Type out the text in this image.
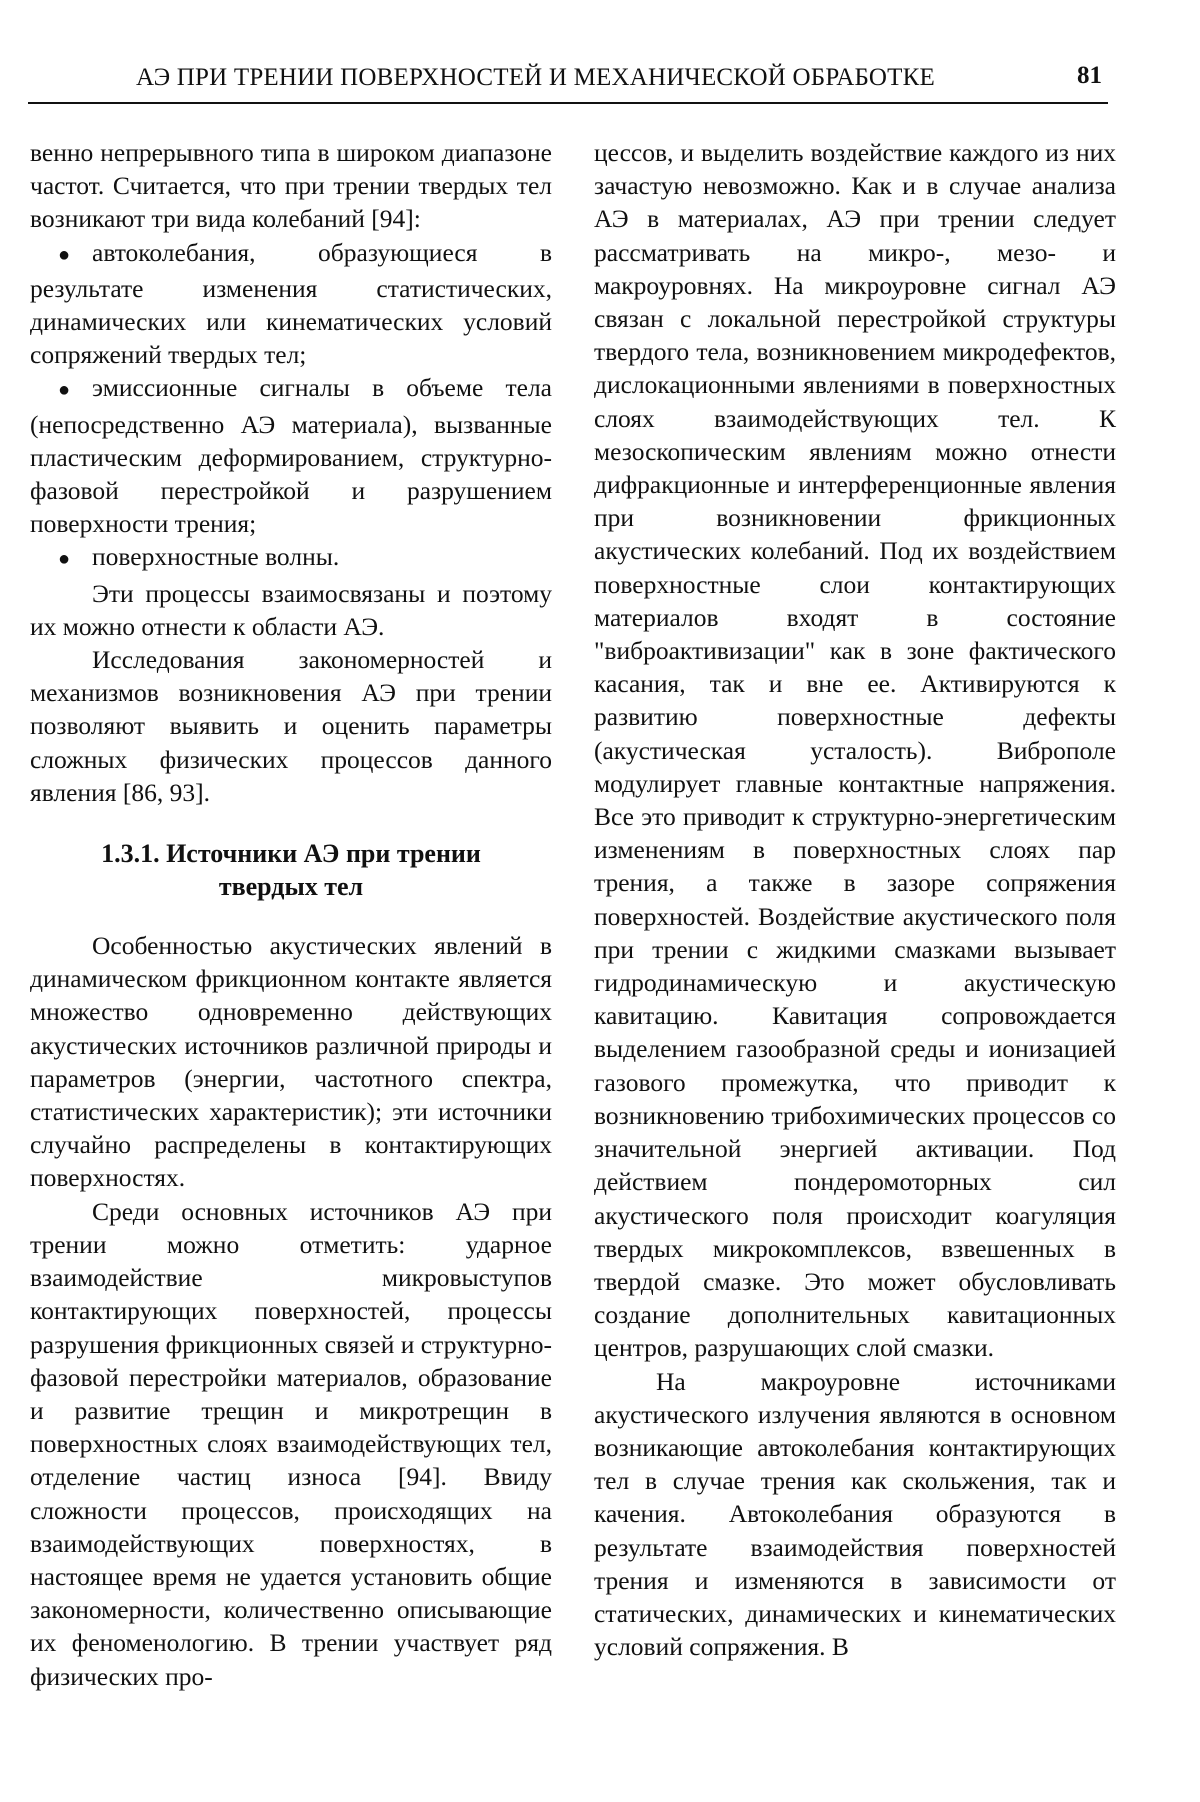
АЭ ПРИ ТРЕНИИ ПОВЕРХНОСТЕЙ И МЕХАНИЧЕСКОЙ ОБРАБОТКЕ	81

венно непрерывного типа в широком диапазоне частот. Считается, что при трении твердых тел возникают три вида колебаний [94]:

● автоколебания, образующиеся в результате изменения статистических, динамических или кинематических условий сопряжений твердых тел;

● эмиссионные сигналы в объеме тела (непосредственно АЭ материала), вызванные пластическим деформированием, структурно-фазовой перестройкой и разрушением поверхности трения;

● поверхностные волны.

Эти процессы взаимосвязаны и поэтому их можно отнести к области АЭ.

Исследования закономерностей и механизмов возникновения АЭ при трении позволяют выявить и оценить параметры сложных физических процессов данного явления [86, 93].

1.3.1. Источники АЭ при трении
твердых тел

Особенностью акустических явлений в динамическом фрикционном контакте является множество одновременно действующих акустических источников различной природы и параметров (энергии, частотного спектра, статистических характеристик); эти источники случайно распределены в контактирующих поверхностях.

Среди основных источников АЭ при трении можно отметить: ударное взаимодействие микровыступов контактирующих поверхностей, процессы разрушения фрикционных связей и структурно-фазовой перестройки материалов, образование и развитие трещин и микротрещин в поверхностных слоях взаимодействующих тел, отделение частиц износа [94]. Ввиду сложности процессов, происходящих на взаимодействующих поверхностях, в настоящее время не удается установить общие закономерности, количественно описывающие их феноменологию. В трении участвует ряд физических про-

цессов, и выделить воздействие каждого из них зачастую невозможно. Как и в случае анализа АЭ в материалах, АЭ при трении следует рассматривать на микро-, мезо- и макроуровнях. На микроуровне сигнал АЭ связан с локальной перестройкой структуры твердого тела, возникновением микродефектов, дислокационными явлениями в поверхностных слоях взаимодействующих тел. К мезоскопическим явлениям можно отнести дифракционные и интерференционные явления при возникновении фрикционных акустических колебаний. Под их воздействием поверхностные слои контактирующих материалов входят в состояние "виброактивизации" как в зоне фактического касания, так и вне ее. Активируются к развитию поверхностные дефекты (акустическая усталость). Виброполе модулирует главные контактные напряжения. Все это приводит к структурно-энергетическим изменениям в поверхностных слоях пар трения, а также в зазоре сопряжения поверхностей. Воздействие акустического поля при трении с жидкими смазками вызывает гидродинамическую и акустическую кавитацию. Кавитация сопровождается выделением газообразной среды и ионизацией газового промежутка, что приводит к возникновению трибохимических процессов со значительной энергией активации. Под действием пондеромоторных сил акустического поля происходит коагуляция твердых микрокомплексов, взвешенных в твердой смазке. Это может обусловливать создание дополнительных кавитационных центров, разрушающих слой смазки.

На макроуровне источниками акустического излучения являются в основном возникающие автоколебания контактирующих тел в случае трения как скольжения, так и качения. Автоколебания образуются в результате взаимодействия поверхностей трения и изменяются в зависимости от статических, динамических и кинематических условий сопряжения. В
